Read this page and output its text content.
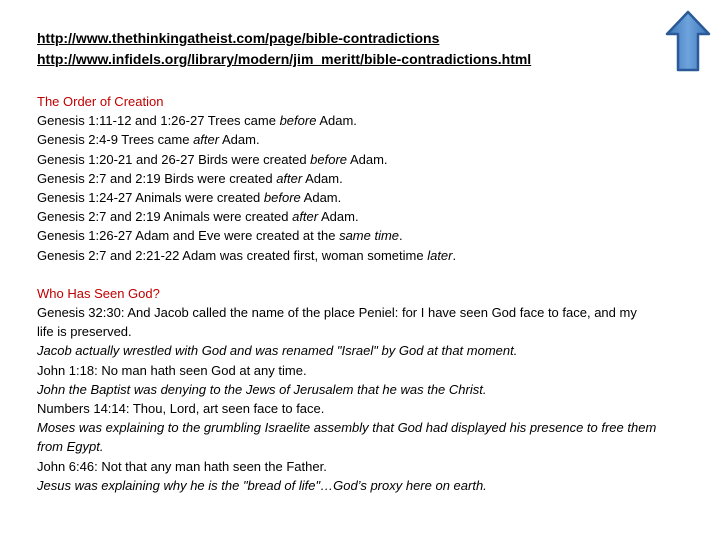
http://www.thethinkingatheist.com/page/bible-contradictions
http://www.infidels.org/library/modern/jim_meritt/bible-contradictions.html
The Order of Creation
Genesis 1:11-12 and 1:26-27 Trees came before Adam.
Genesis 2:4-9 Trees came after Adam.
Genesis 1:20-21 and 26-27 Birds were created before Adam.
Genesis 2:7 and 2:19 Birds were created after Adam.
Genesis 1:24-27 Animals were created before Adam.
Genesis 2:7 and 2:19 Animals were created after Adam.
Genesis 1:26-27 Adam and Eve were created at the same time.
Genesis 2:7 and 2:21-22 Adam was created first, woman sometime later.
Who Has Seen God?
Genesis 32:30: And Jacob called the name of the place Peniel: for I have seen God face to face, and my life is preserved.
Jacob actually wrestled with God and was renamed "Israel" by God at that moment.
John 1:18: No man hath seen God at any time.
John the Baptist was denying to the Jews of Jerusalem that he was the Christ.
Numbers 14:14: Thou, Lord, art seen face to face.
Moses was explaining to the grumbling Israelite assembly that God had displayed his presence to free them from Egypt.
John 6:46: Not that any man hath seen the Father.
Jesus was explaining why he is the "bread of life"…God’s proxy here on earth.
